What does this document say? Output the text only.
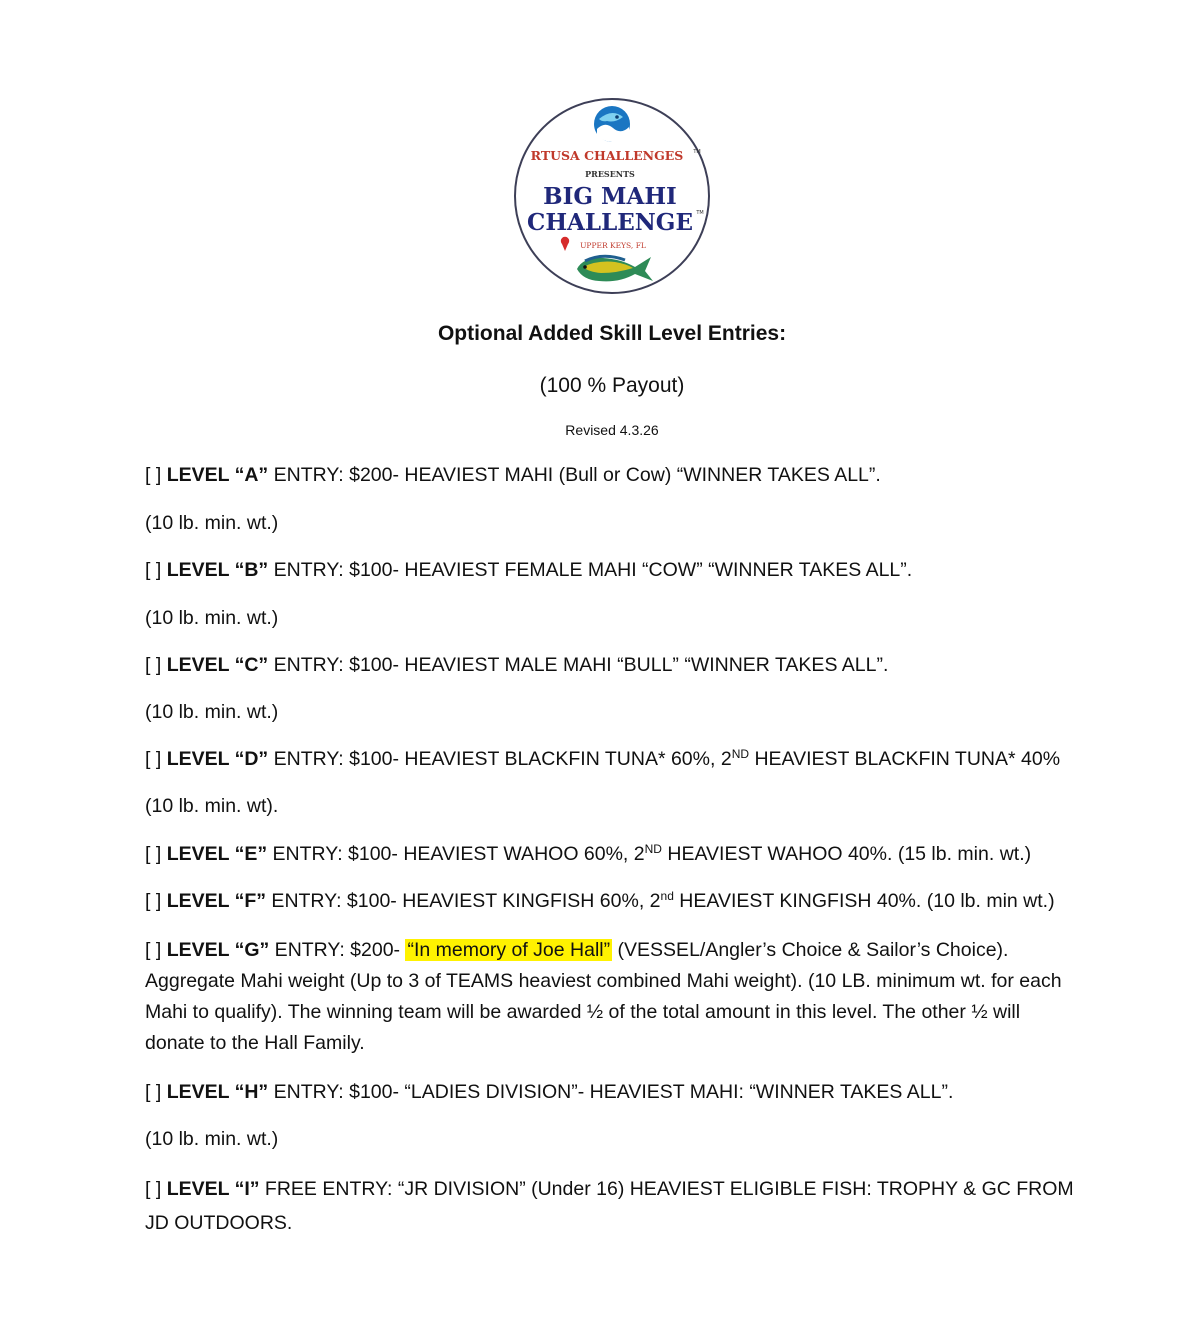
RTUSA CHALLENGES TM
PRESENTS
BIG MAHI
CHALLENGE TM
UPPER KEYS, FL
Optional Added Skill Level Entries:
(100 % Payout)
Revised 4.3.26
[ ] LEVEL “A” ENTRY: $200- HEAVIEST MAHI (Bull or Cow) “WINNER TAKES ALL”.
(10 lb. min. wt.)
[ ] LEVEL “B” ENTRY: $100- HEAVIEST FEMALE MAHI “COW” “WINNER TAKES ALL”.
(10 lb. min. wt.)
[ ] LEVEL “C” ENTRY: $100- HEAVIEST MALE MAHI “BULL” “WINNER TAKES ALL”.
(10 lb. min. wt.)
[ ] LEVEL “D” ENTRY: $100- HEAVIEST BLACKFIN TUNA* 60%, 2ND HEAVIEST BLACKFIN TUNA* 40%
(10 lb. min. wt).
[ ] LEVEL “E” ENTRY: $100- HEAVIEST WAHOO 60%, 2ND HEAVIEST WAHOO 40%. (15 lb. min. wt.)
[ ] LEVEL “F” ENTRY: $100- HEAVIEST KINGFISH 60%, 2nd HEAVIEST KINGFISH 40%. (10 lb. min wt.)
[ ] LEVEL “G” ENTRY: $200- “In memory of Joe Hall” (VESSEL/Angler’s Choice & Sailor’s Choice). Aggregate Mahi weight (Up to 3 of TEAMS heaviest combined Mahi weight). (10 LB. minimum wt. for each Mahi to qualify). The winning team will be awarded ½ of the total amount in this level. The other ½ will donate to the Hall Family.
[ ] LEVEL “H” ENTRY: $100- “LADIES DIVISION”- HEAVIEST MAHI: “WINNER TAKES ALL”.
(10 lb. min. wt.)
[ ] LEVEL “I” FREE ENTRY: “JR DIVISION” (Under 16) HEAVIEST ELIGIBLE FISH: TROPHY & GC FROM JD OUTDOORS.
